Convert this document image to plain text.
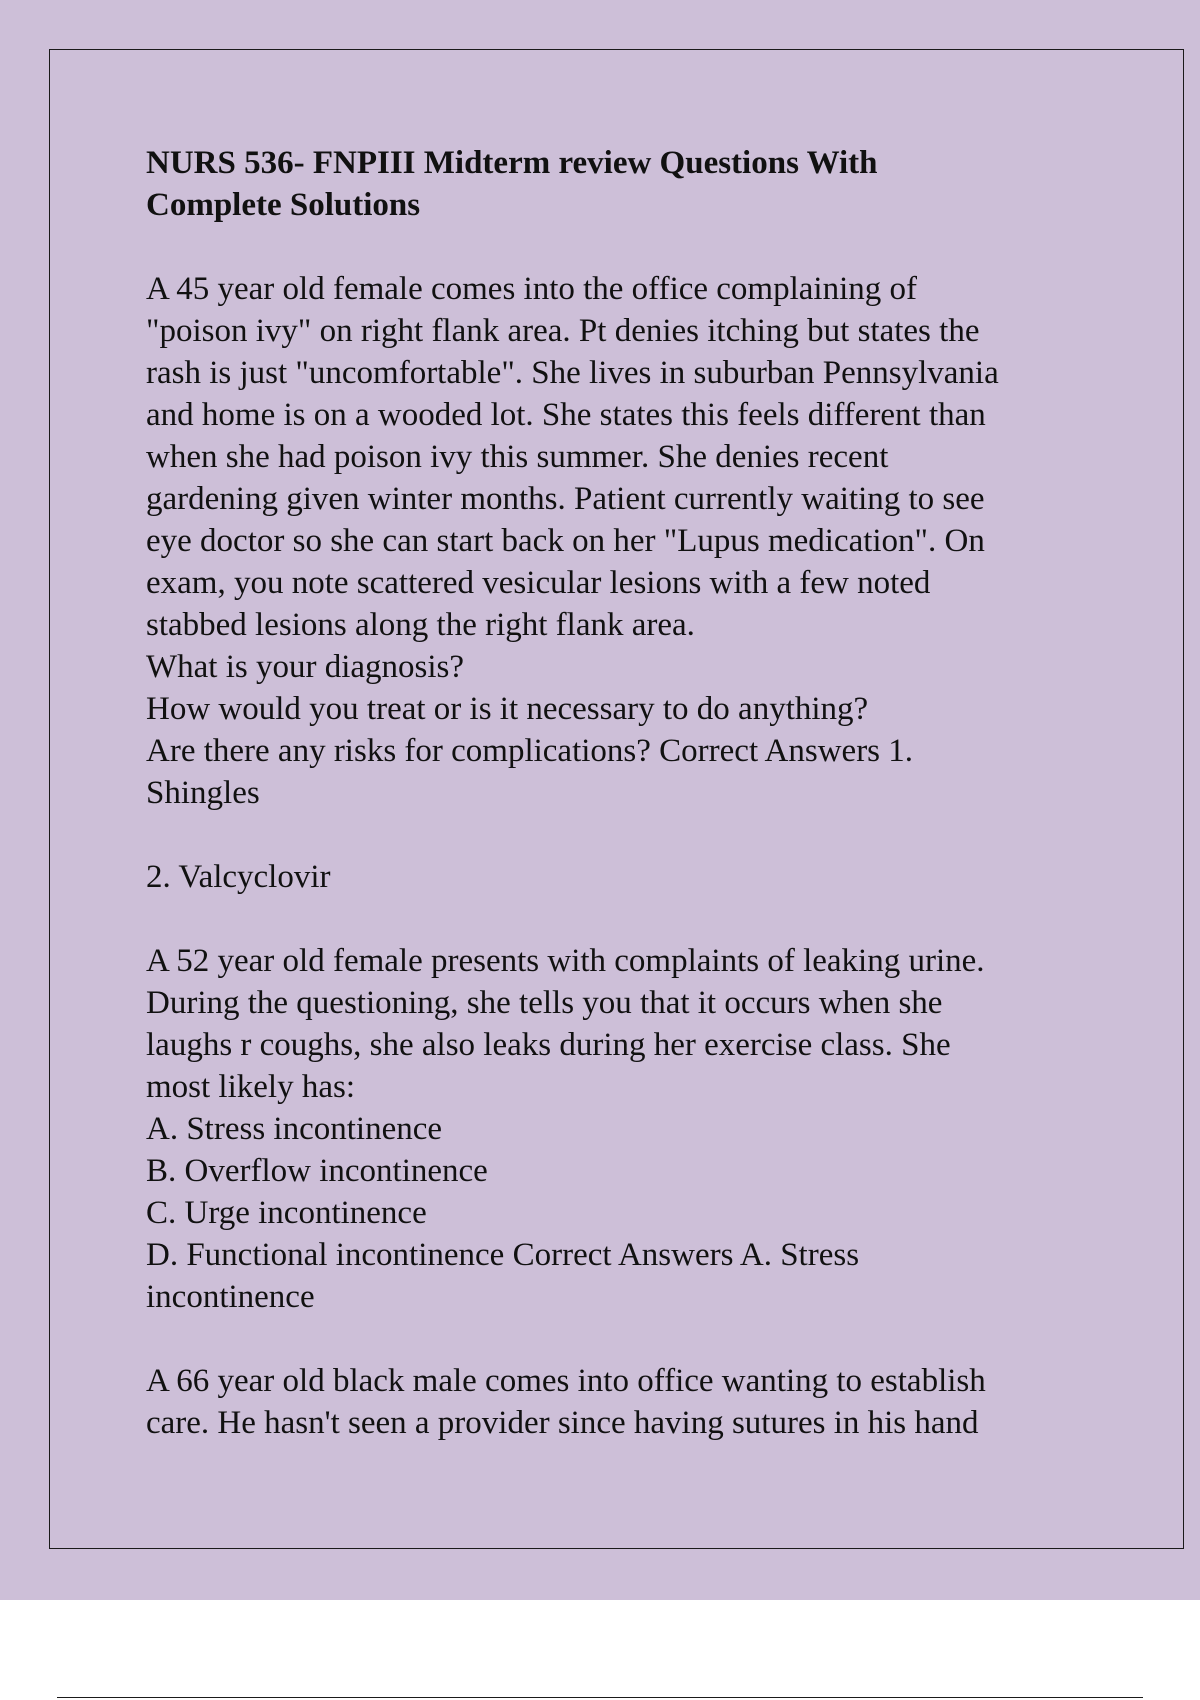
NURS 536- FNPIII Midterm review Questions With
Complete Solutions

A 45 year old female comes into the office complaining of
"poison ivy" on right flank area. Pt denies itching but states the
rash is just "uncomfortable". She lives in suburban Pennsylvania
and home is on a wooded lot. She states this feels different than
when she had poison ivy this summer. She denies recent
gardening given winter months. Patient currently waiting to see
eye doctor so she can start back on her "Lupus medication". On
exam, you note scattered vesicular lesions with a few noted
stabbed lesions along the right flank area.
What is your diagnosis?
How would you treat or is it necessary to do anything?
Are there any risks for complications? Correct Answers 1.
Shingles

2. Valcyclovir

A 52 year old female presents with complaints of leaking urine.
During the questioning, she tells you that it occurs when she
laughs r coughs, she also leaks during her exercise class. She
most likely has:
A. Stress incontinence
B. Overflow incontinence
C. Urge incontinence
D. Functional incontinence Correct Answers A. Stress
incontinence

A 66 year old black male comes into office wanting to establish
care. He hasn't seen a provider since having sutures in his hand
